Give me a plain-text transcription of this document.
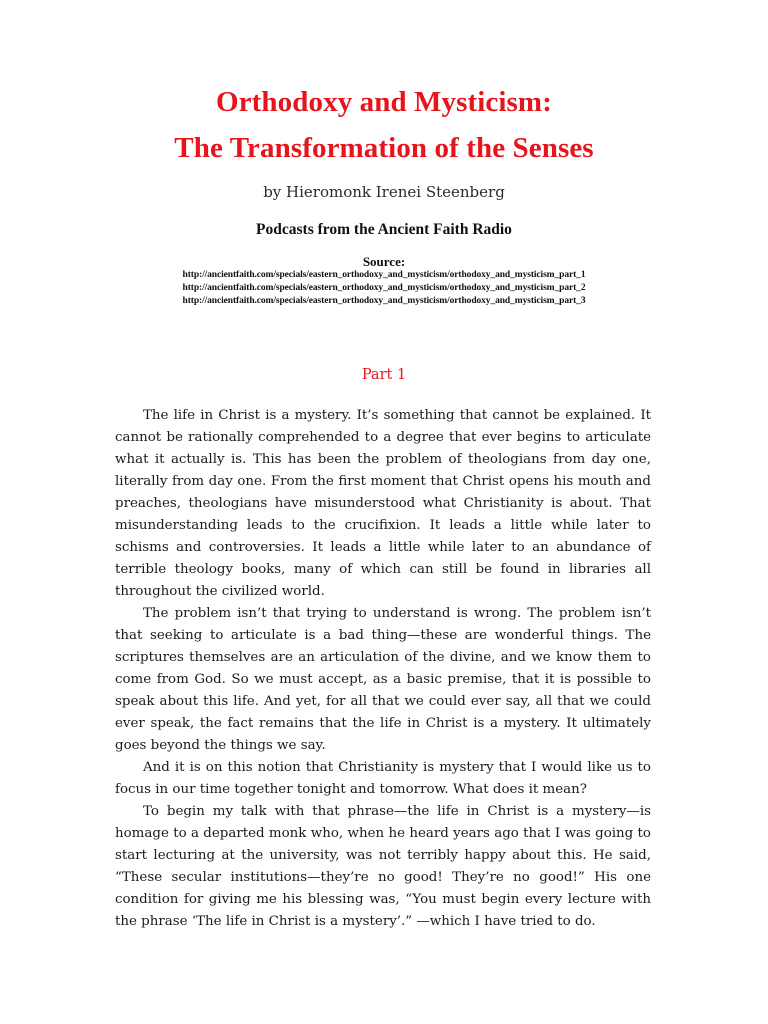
Orthodoxy and Mysticism:
The Transformation of the Senses
by Hieromonk Irenei Steenberg
Podcasts from the Ancient Faith Radio
Source:
http://ancientfaith.com/specials/eastern_orthodoxy_and_mysticism/orthodoxy_and_mysticism_part_1
http://ancientfaith.com/specials/eastern_orthodoxy_and_mysticism/orthodoxy_and_mysticism_part_2
http://ancientfaith.com/specials/eastern_orthodoxy_and_mysticism/orthodoxy_and_mysticism_part_3
Part 1

The life in Christ is a mystery. It’s something that cannot be explained. It cannot be rationally comprehended to a degree that ever begins to articulate what it actually is. This has been the problem of theologians from day one, literally from day one. From the first moment that Christ opens his mouth and preaches, theologians have misunderstood what Christianity is about. That misunderstanding leads to the crucifixion. It leads a little while later to schisms and controversies. It leads a little while later to an abundance of terrible theology books, many of which can still be found in libraries all throughout the civilized world.

The problem isn’t that trying to understand is wrong. The problem isn’t that seeking to articulate is a bad thing—these are wonderful things. The scriptures themselves are an articulation of the divine, and we know them to come from God. So we must accept, as a basic premise, that it is possible to speak about this life. And yet, for all that we could ever say, all that we could ever speak, the fact remains that the life in Christ is a mystery. It ultimately goes beyond the things we say.

And it is on this notion that Christianity is mystery that I would like us to focus in our time together tonight and tomorrow. What does it mean?

To begin my talk with that phrase—the life in Christ is a mystery—is homage to a departed monk who, when he heard years ago that I was going to start lecturing at the university, was not terribly happy about this. He said, “These secular institutions—they’re no good! They’re no good!” His one condition for giving me his blessing was, “You must begin every lecture with the phrase ‘The life in Christ is a mystery’.” —which I have tried to do.
